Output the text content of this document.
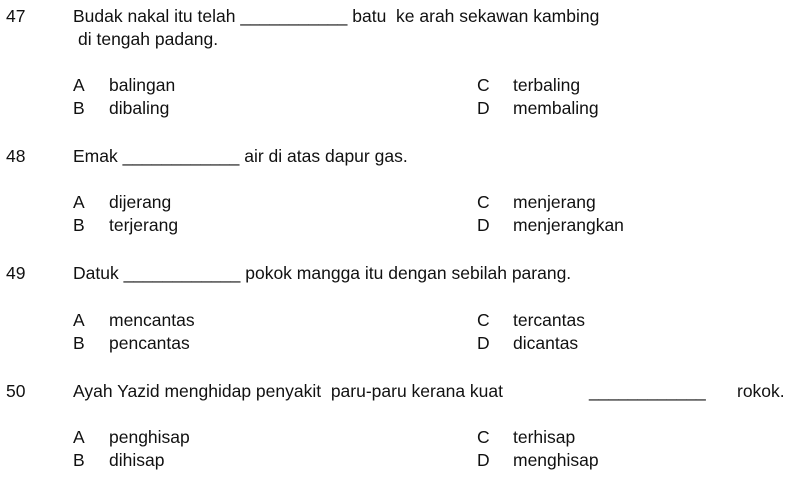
47	Budak nakal itu telah ___________ batu  ke arah sekawan kambing
di tengah padang.
A balingan
B dibaling
C terbaling
D membaling
48	Emak ____________ air di atas dapur gas.
A dijerang
B terjerang
C menjerang
D menjerangkan
49	Datuk ____________ pokok mangga itu dengan sebilah parang.
A mencantas
B pencantas
C tercantas
D dicantas
50	Ayah Yazid menghidap penyakit  paru-paru kerana kuat	____________ rokok.
A penghisap
B dihisap
C terhisap
D menghisap
